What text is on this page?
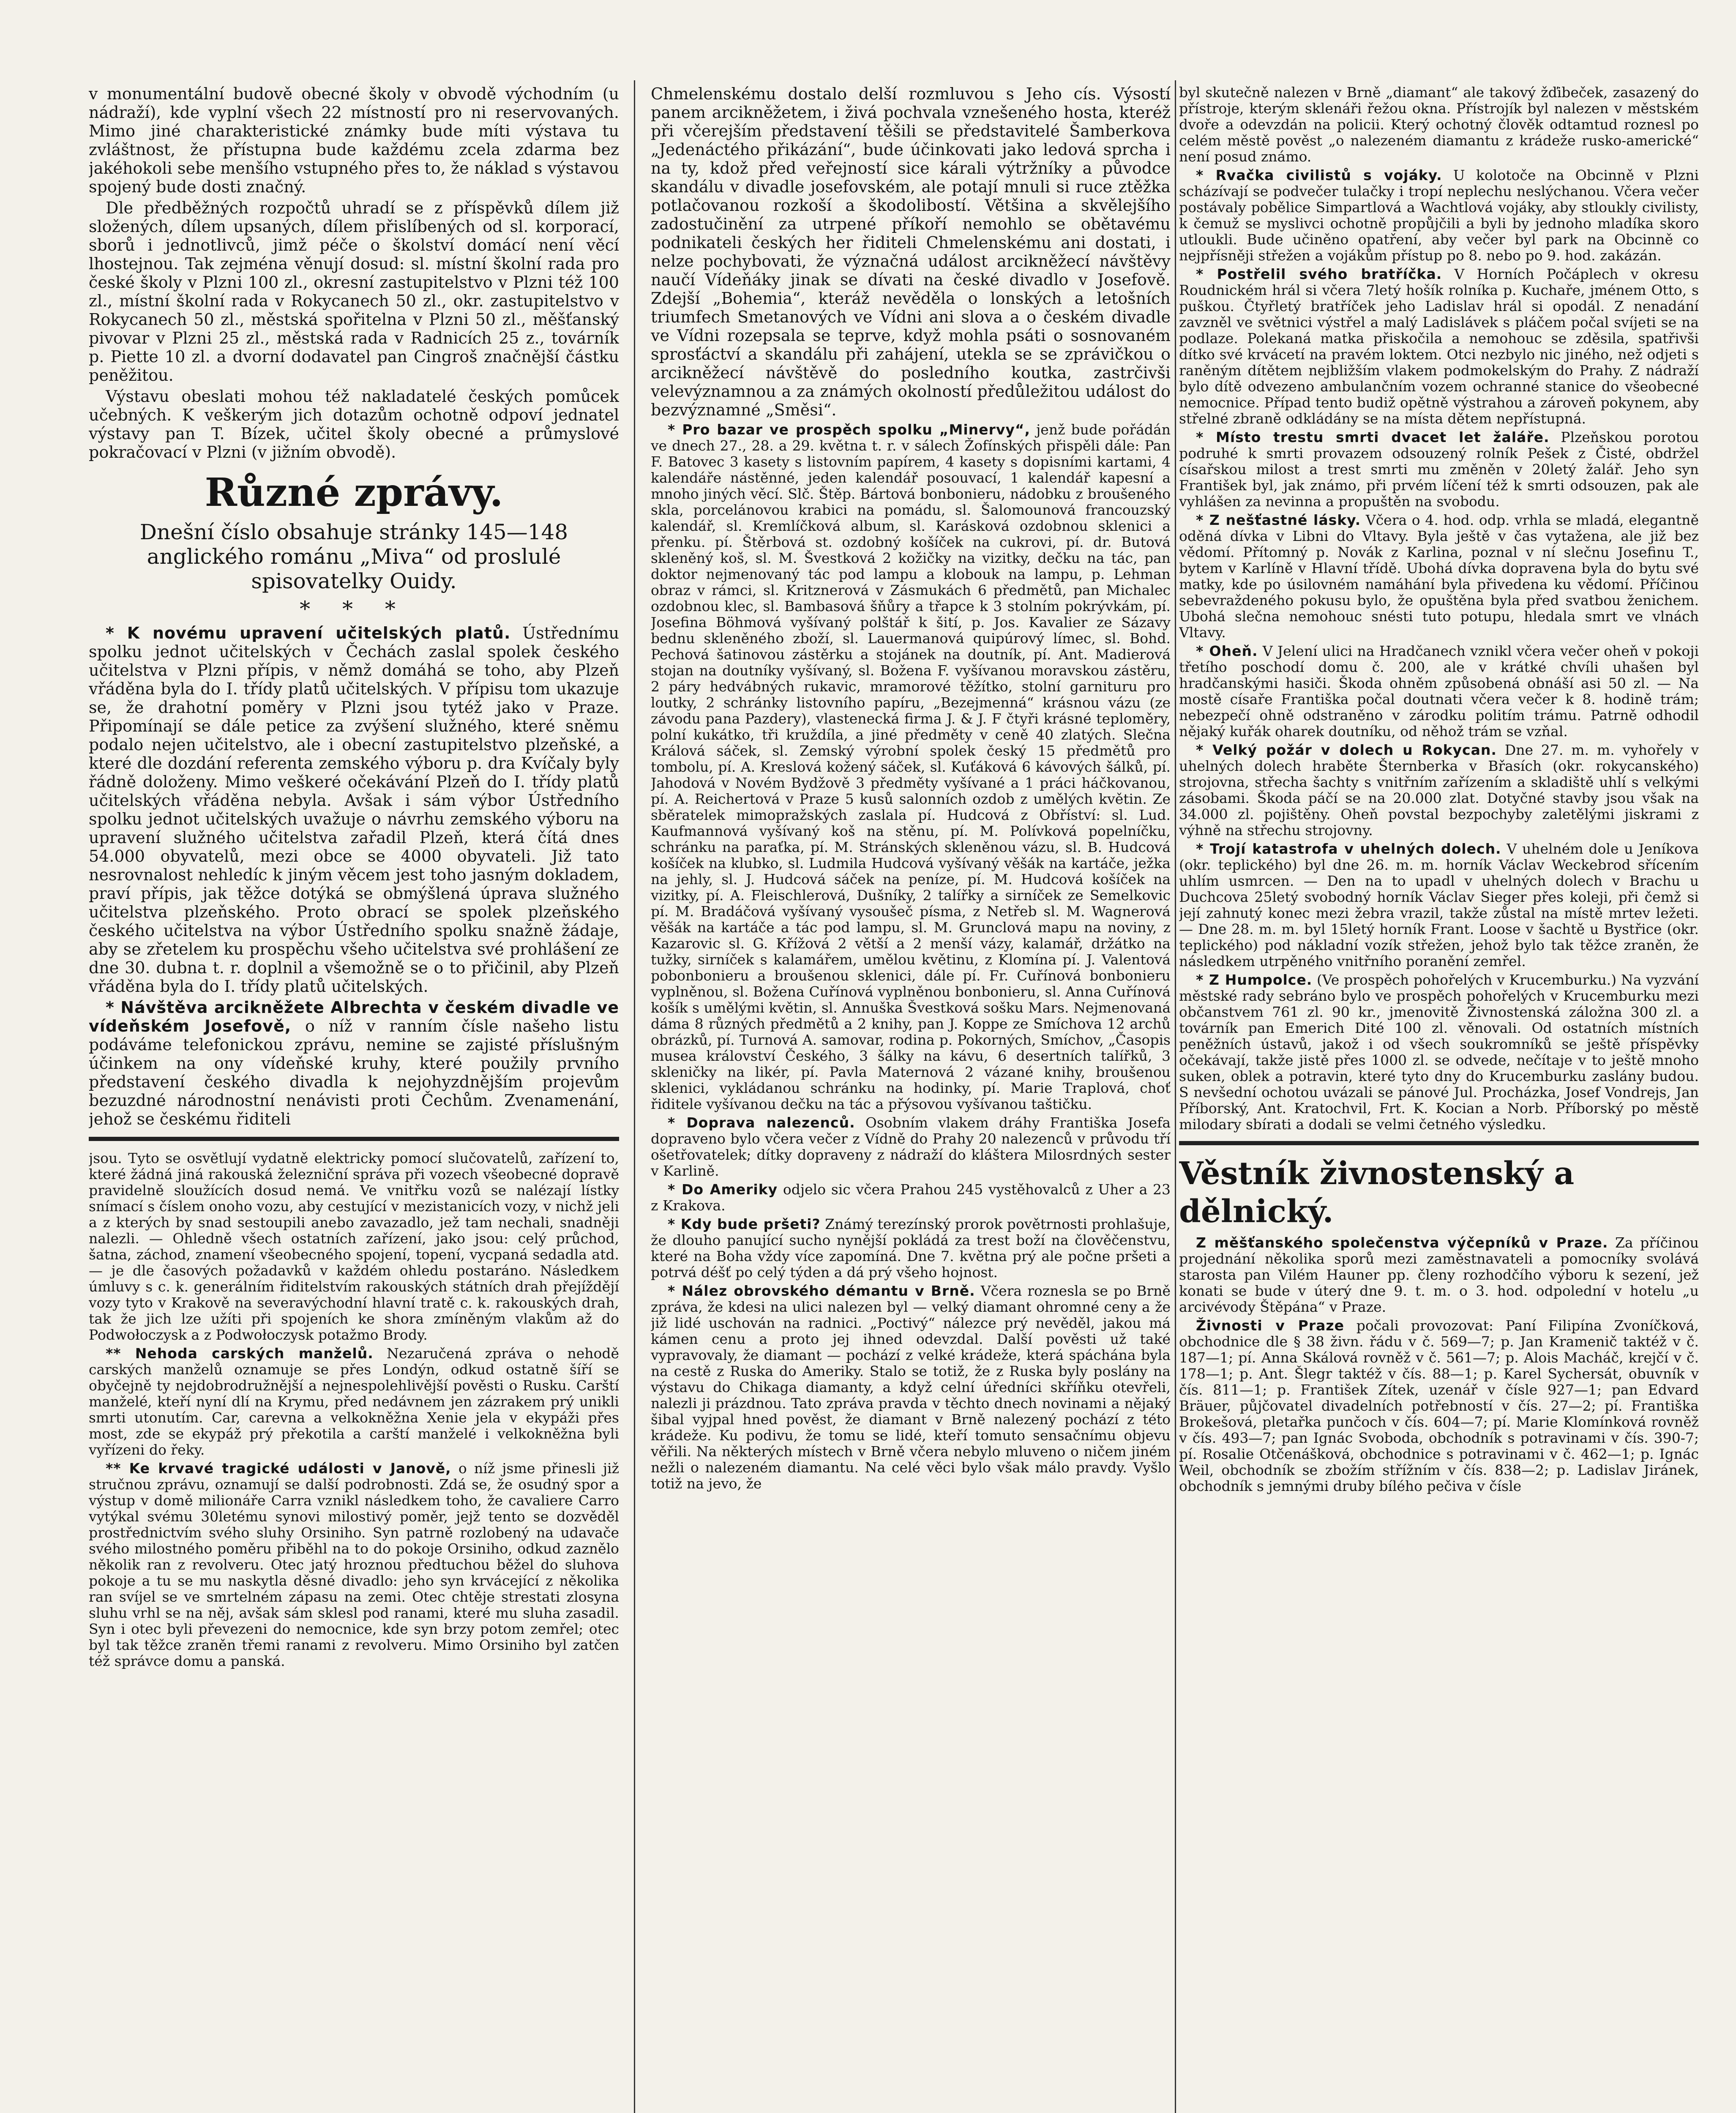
v monumentální budově obecné školy v obvodě východním (u nádraží), kde vyplní všech 22 místností pro ni reservovaných. Mimo jiné charakteristické známky bude míti výstava tu zvláštnost, že přístupna bude každému zcela zdarma bez jakéhokoli sebe menšího vstupného přes to, že náklad s výstavou spojený bude dosti značný.

Dle předběžných rozpočtů uhradí se z příspěvků dílem již složených, dílem upsaných, dílem přislíbených od sl. korporací, sborů i jednotlivců, jimž péče o školství domácí není věcí lhostejnou. Tak zejména věnují dosud: sl. místní školní rada pro české školy v Plzni 100 zl., okresní zastupitelstvo v Plzni též 100 zl., místní školní rada v Rokycanech 50 zl., okr. zastupitelstvo v Rokycanech 50 zl., městská spořitelna v Plzni 50 zl., měšťanský pivovar v Plzni 25 zl., městská rada v Radnicích 25 z., továrník p. Piette 10 zl. a dvorní dodavatel pan Cingroš značnější částku peněžitou.

Výstavu obeslati mohou též nakladatelé českých pomůcek učebných. K veškerým jich dotazům ochotně odpoví jednatel výstavy pan T. Bízek, učitel školy obecné a průmyslové pokračovací v Plzni (v jižním obvodě).

Různé zprávy.

Dnešní číslo obsahuje stránky 145—148 anglického románu „Miva“ od proslulé spisovatelky Ouidy.

* * *

* K novému upravení učitelských platů. Ústřednímu spolku jednot učitelských v Čechách zaslal spolek českého učitelstva v Plzni přípis, v němž domáhá se toho, aby Plzeň vřáděna byla do I. třídy platů učitelských. V přípisu tom ukazuje se, že drahotní poměry v Plzni jsou tytéž jako v Praze. Připomínají se dále petice za zvýšení služného, které sněmu podalo nejen učitelstvo, ale i obecní zastupitelstvo plzeňské, a které dle dozdání referenta zemského výboru p. dra Kvíčaly byly řádně doloženy. Mimo veškeré očekávání Plzeň do I. třídy platů učitelských vřáděna nebyla. Avšak i sám výbor Ústředního spolku jednot učitelských uvažuje o návrhu zemského výboru na upravení služného učitelstva zařadil Plzeň, která čítá dnes 54.000 obyvatelů, mezi obce se 4000 obyvateli. Již tato nesrovnalost nehledíc k jiným věcem jest toho jasným dokladem, praví přípis, jak těžce dotýká se obmýšlená úprava služného učitelstva plzeňského. Proto obrací se spolek plzeňského českého učitelstva na výbor Ústředního spolku snažně žádaje, aby se zřetelem ku prospěchu všeho učitelstva své prohlášení ze dne 30. dubna t. r. doplnil a všemožně se o to přičinil, aby Plzeň vřáděna byla do I. třídy platů učitelských.

* Návštěva arcikněžete Albrechta v českém divadle ve vídeňském Josefově, o níž v ranním čísle našeho listu podáváme telefonickou zprávu, nemine se zajisté příslušným účinkem na ony vídeňské kruhy, které použily prvního představení českého divadla k nejohyzdnějším projevům bezuzdné národnostní nenávisti proti Čechům. Zvenamenání, jehož se českému řiditeli

jsou. Tyto se osvětlují vydatně elektricky pomocí slučovatelů, zařízení to, které žádná jiná rakouská železniční správa při vozech všeobecné dopravě pravidelně sloužících dosud nemá. Ve vnitřku vozů se nalézají lístky snímací s číslem onoho vozu, aby cestující v mezistanicích vozy, v nichž jeli a z kterých by snad sestoupili anebo zavazadlo, jež tam nechali, snadněji nalezli. — Ohledně všech ostatních zařízení, jako jsou: celý průchod, šatna, záchod, znamení všeobecného spojení, topení, vycpaná sedadla atd. — je dle časových požadavků v každém ohledu postaráno. Následkem úmluvy s c. k. generálním řiditelstvím rakouských státních drah přejíždějí vozy tyto v Krakově na severavýchodní hlavní tratě c. k. rakouských drah, tak že jich lze užíti při spojeních ke shora zmíněným vlakům až do Podwołoczysk a z Podwołoczysk potažmo Brody.

** Nehoda carských manželů. Nezaručená zpráva o nehodě carských manželů oznamuje se přes Londýn, odkud ostatně šíří se obyčejně ty nejdobrodružnější a nejnespolehlivější pověsti o Rusku. Carští manželé, kteří nyní dlí na Krymu, před nedávnem jen zázrakem prý unikli smrti utonutím. Car, carevna a velkokněžna Xenie jela v ekypáži přes most, zde se ekypáž prý překotila a carští manželé i velkokněžna byli vyřízeni do řeky.

** Ke krvavé tragické události v Janově, o níž jsme přinesli již stručnou zprávu, oznamují se další podrobnosti. Zdá se, že osudný spor a výstup v domě milionáře Carra vznikl následkem toho, že cavaliere Carro vytýkal svému 30letému synovi milostivý poměr, jejž tento se dozvěděl prostřednictvím svého sluhy Orsiniho. Syn patrně rozlobený na udavače svého milostného poměru přiběhl na to do pokoje Orsiniho, odkud zaznělo několik ran z revolveru. Otec jatý hroznou předtuchou běžel do sluhova pokoje a tu se mu naskytla děsné divadlo: jeho syn krvácející z několika ran svíjel se ve smrtelném zápasu na zemi. Otec chtěje strestati zlosyna sluhu vrhl se na něj, avšak sám sklesl pod ranami, které mu sluha zasadil. Syn i otec byli převezeni do nemocnice, kde syn brzy potom zemřel; otec byl tak těžce zraněn třemi ranami z revolveru. Mimo Orsiniho byl zatčen též správce domu a panská.

Chmelenskému dostalo delší rozmluvou s Jeho cís. Výsostí panem arcikněžetem, i živá pochvala vznešeného hosta, kteréž při včerejším představení těšili se představitelé Šamberkova „Jedenáctého přikázání“, bude účinkovati jako ledová sprcha i na ty, kdož před veřejností sice kárali výtržníky a původce skandálu v divadle josefovském, ale potají mnuli si ruce ztěžka potlačovanou rozkoší a škodolibostí. Většina a skvělejšího zadostučinění za utrpené příkoří nemohlo se obětavému podnikateli českých her řiditeli Chmelenskému ani dostati, i nelze pochybovati, že význačná událost arcikněžecí návštěvy naučí Vídeňáky jinak se dívati na české divadlo v Josefově. Zdejší „Bohemia“, kteráž nevěděla o lonských a letošních triumfech Smetanových ve Vídni ani slova a o českém divadle ve Vídni rozepsala se teprve, když mohla psáti o sosnovaném sprosťáctví a skandálu při zahájení, utekla se se zprávičkou o arcikněžecí návštěvě do posledního koutka, zastrčivši velevýznamnou a za známých okolností předůležitou událost do bezvýznamné „Směsi“.

* Pro bazar ve prospěch spolku „Minervy“, jenž bude pořádán ve dnech 27., 28. a 29. května t. r. v sálech Žofínských přispěli dále: Pan F. Batovec 3 kasety s listovním papírem, 4 kasety s dopisními kartami, 4 kalendáře nástěnné, jeden kalendář posouvací, 1 kalendář kapesní a mnoho jiných věcí. Slč. Štěp. Bártová bonbonieru, nádobku z broušeného skla, porcelánovou krabici na pomádu, sl. Šalomounová francouzský kalendář, sl. Kremlíčková album, sl. Karásková ozdobnou sklenici a přenku. pí. Štěrbová st. ozdobný košíček na cukrovi, pí. dr. Butová skleněný koš, sl. M. Švestková 2 kožičky na vizitky, dečku na tác, pan doktor nejmenovaný tác pod lampu a klobouk na lampu, p. Lehman obraz v rámci, sl. Kritznerová v Zásmukách 6 předmětů, pan Michalec ozdobnou klec, sl. Bambasová šňůry a třapce k 3 stolním pokrývkám, pí. Josefina Böhmová vyšívaný polštář k šití, p. Jos. Kavalier ze Sázavy bednu skleněného zboží, sl. Lauermanová quipúrový límec, sl. Bohd. Pechová šatinovou zástěrku a stojánek na doutník, pí. Ant. Madierová stojan na doutníky vyšívaný, sl. Božena F. vyšívanou moravskou zástěru, 2 páry hedvábných rukavic, mramorové těžítko, stolní garnituru pro loutky, 2 schránky listovního papíru, „Bezejmenná“ krásnou vázu (ze závodu pana Pazdery), vlastenecká firma J. & J. F čtyři krásné teploměry, polní kukátko, tři kruždíla, a jiné předměty v ceně 40 zlatých. Slečna Králová sáček, sl. Zemský výrobní spolek český 15 předmětů pro tombolu, pí. A. Kreslová kožený sáček, sl. Kuťáková 6 kávových šálků, pí. Jahodová v Novém Bydžově 3 předměty vyšívané a 1 práci háčkovanou, pí. A. Reichertová v Praze 5 kusů salonních ozdob z umělých květin. Ze sběratelek mimopražských zaslala pí. Hudcová z Obříství: sl. Lud. Kaufmannová vyšívaný koš na stěnu, pí. M. Polívková popelníčku, schránku na paraťka, pí. M. Stránských skleněnou vázu, sl. B. Hudcová košíček na klubko, sl. Ludmila Hudcová vyšívaný věšák na kartáče, ježka na jehly, sl. J. Hudcová sáček na peníze, pí. M. Hudcová košíček na vizitky, pí. A. Fleischlerová, Dušníky, 2 talířky a sirníček ze Semelkovic pí. M. Bradáčová vyšívaný vysoušeč písma, z Netřeb sl. M. Wagnerová věšák na kartáče a tác pod lampu, sl. M. Grunclová mapu na noviny, z Kazarovic sl. G. Křížová 2 větší a 2 menší vázy, kalamář, držátko na tužky, sirníček s kalamářem, umělou květinu, z Klomína pí. J. Valentová pobonbonieru a broušenou sklenici, dále pí. Fr. Cuřínová bonbonieru vyplněnou, sl. Božena Cuřínová vyplněnou bonbonieru, sl. Anna Cuřínová košík s umělými květin, sl. Annuška Švestková sošku Mars. Nejmenovaná dáma 8 různých předmětů a 2 knihy, pan J. Koppe ze Smíchova 12 archů obrázků, pí. Turnová A. samovar, rodina p. Pokorných, Smíchov, „Časopis musea království Českého, 3 šálky na kávu, 6 desertních talířků, 3 skleničky na likér, pí. Pavla Maternová 2 vázané knihy, broušenou sklenici, vykládanou schránku na hodinky, pí. Marie Traplová, choť řiditele vyšívanou dečku na tác a přýsovou vyšívanou taštičku.

* Doprava nalezenců. Osobním vlakem dráhy Františka Josefa dopraveno bylo včera večer z Vídně do Prahy 20 nalezenců v průvodu tří ošetřovatelek; dítky dopraveny z nádraží do kláštera Milosrdných sester v Karlině.

* Do Ameriky odjelo sic včera Prahou 245 vystěhovalců z Uher a 23 z Krakova.

* Kdy bude pršeti? Známý terezínský prorok povětrnosti prohlašuje, že dlouho panující sucho nynější pokládá za trest boží na člověčenstvu, které na Boha vždy více zapomíná. Dne 7. května prý ale počne pršeti a potrvá déšť po celý týden a dá prý všeho hojnost.

* Nález obrovského démantu v Brně. Včera roznesla se po Brně zpráva, že kdesi na ulici nalezen byl — velký diamant ohromné ceny a že již lidé uschován na radnici. „Poctivý“ nálezce prý nevěděl, jakou má kámen cenu a proto jej ihned odevzdal. Další pověsti už také vypravovaly, že diamant — pochází z velké krádeže, která spáchána byla na cestě z Ruska do Ameriky. Stalo se totiž, že z Ruska byly poslány na výstavu do Chikaga diamanty, a když celní úředníci skříňku otevřeli, nalezli ji prázdnou. Tato zpráva pravda v těchto dnech novinami a nějaký šibal vyjpal hned pověst, že diamant v Brně nalezený pochází z této krádeže. Ku podivu, že tomu se lidé, kteří tomuto sensačnímu objevu věřili. Na některých místech v Brně včera nebylo mluveno o ničem jiném nežli o nalezeném diamantu. Na celé věci bylo však málo pravdy. Vyšlo totiž na jevo, že

byl skutečně nalezen v Brně „diamant“ ale takový žďibeček, zasazený do přístroje, kterým sklenáři řežou okna. Přístrojík byl nalezen v městském dvoře a odevzdán na policii. Který ochotný člověk odtamtud roznesl po celém městě pověst „o nalezeném diamantu z krádeže rusko-americké“ není posud známo.

* Rvačka civilistů s vojáky. U kolotoče na Obcinně v Plzni scházívají se podvečer tulačky i tropí neplechu neslýchanou. Včera večer postávaly pobělice Simpartlová a Wachtlová vojáky, aby stloukly civilisty, k čemuž se myslivci ochotně propůjčili a byli by jednoho mladíka skoro utloukli. Bude učiněno opatření, aby večer byl park na Obcinně co nejpřísněji střežen a vojákům přístup po 8. nebo po 9. hod. zakázán.

* Postřelil svého bratříčka. V Horních Počáplech v okresu Roudnickém hrál si včera 7letý hošík rolníka p. Kuchaře, jménem Otto, s puškou. Čtyřletý bratříček jeho Ladislav hrál si opodál. Z nenadání zavzněl ve světnici výstřel a malý Ladislávek s pláčem počal svíjeti se na podlaze. Polekaná matka přiskočila a nemohouc se zděsila, spatřivši dítko své krvácetí na pravém loktem. Otci nezbylo nic jiného, než odjeti s raněným dítětem nejbližším vlakem podmokelským do Prahy. Z nádraží bylo dítě odvezeno ambulančním vozem ochranné stanice do všeobecné nemocnice. Případ tento budiž opětně výstrahou a zároveň pokynem, aby střelné zbraně odkládány se na místa dětem nepřístupná.

* Místo trestu smrti dvacet let žaláře. Plzeňskou porotou podruhé k smrti provazem odsouzený rolník Pešek z Čisté, obdržel císařskou milost a trest smrti mu změněn v 20letý žalář. Jeho syn František byl, jak známo, při prvém líčení též k smrti odsouzen, pak ale vyhlášen za nevinna a propuštěn na svobodu.

* Z nešťastné lásky. Včera o 4. hod. odp. vrhla se mladá, elegantně oděná dívka v Libni do Vltavy. Byla ještě v čas vytažena, ale již bez vědomí. Přítomný p. Novák z Karlina, poznal v ní slečnu Josefinu T., bytem v Karlíně v Hlavní třídě. Ubohá dívka dopravena byla do bytu své matky, kde po úsilovném namáhání byla přivedena ku vědomí. Příčinou sebevraždeného pokusu bylo, že opuštěna byla před svatbou ženichem. Ubohá slečna nemohouc snésti tuto potupu, hledala smrt ve vlnách Vltavy.

* Oheň. V Jelení ulici na Hradčanech vznikl včera večer oheň v pokoji třetího poschodí domu č. 200, ale v krátké chvíli uhašen byl hradčanskými hasiči. Škoda ohněm způsobená obnáší asi 50 zl. — Na mostě císaře Františka počal doutnati včera večer k 8. hodině trám; nebezpečí ohně odstraněno v zárodku politím trámu. Patrně odhodil nějaký kuřák oharek doutníku, od něhož trám se vzňal.

* Velký požár v dolech u Rokycan. Dne 27. m. m. vyhořely v uhelných dolech hraběte Šternberka v Břasích (okr. rokycanského) strojovna, střecha šachty s vnitřním zařízením a skladiště uhlí s velkými zásobami. Škoda páčí se na 20.000 zlat. Dotyčné stavby jsou však na 34.000 zl. pojištěny. Oheň povstal bezpochyby zaletělými jiskrami z výhně na střechu strojovny.

* Trojí katastrofa v uhelných dolech. V uhelném dole u Jeníkova (okr. teplického) byl dne 26. m. m. horník Václav Weckebrod sřícením uhlím usmrcen. — Den na to upadl v uhelných dolech v Brachu u Duchcova 25letý svobodný horník Václav Sieger přes koleji, při čemž si její zahnutý konec mezi žebra vrazil, takže zůstal na místě mrtev ležeti. — Dne 28. m. m. byl 15letý horník Frant. Loose v šachtě u Bystřice (okr. teplického) pod nákladní vozík střežen, jehož bylo tak těžce zraněn, že následkem utrpěného vnitřního poranění zemřel.

* Z Humpolce. (Ve prospěch pohořelých v Krucemburku.) Na vyzvání městské rady sebráno bylo ve prospěch pohořelých v Krucemburku mezi občanstvem 761 zl. 90 kr., jmenovitě Živnostenská záložna 300 zl. a továrník pan Emerich Dité 100 zl. věnovali. Od ostatních místních peněžních ústavů, jakož i od všech soukromníků se ještě příspěvky očekávají, takže jistě přes 1000 zl. se odvede, nečítaje v to ještě mnoho suken, oblek a potravin, které tyto dny do Krucemburku zaslány budou. S nevšední ochotou uvázali se pánové Jul. Procházka, Josef Vondrejs, Jan Příborský, Ant. Kratochvil, Frt. K. Kocian a Norb. Příborský po městě milodary sbírati a dodali se velmi četného výsledku.

Věstník živnostenský a dělnický.

Z měšťanského společenstva výčepníků v Praze. Za příčinou projednání několika sporů mezi zaměstnavateli a pomocníky svolává starosta pan Vilém Hauner pp. členy rozhodčího výboru k sezení, jež konati se bude v úterý dne 9. t. m. o 3. hod. odpolední v hotelu „u arcivévody Štěpána“ v Praze.

Živnosti v Praze počali provozovat: Paní Filipína Zvoníčková, obchodnice dle § 38 živn. řádu v č. 569—7; p. Jan Kramenič taktéž v č. 187—1; pí. Anna Skálová rovněž v č. 561—7; p. Alois Macháč, krejčí v č. 178—1; p. Ant. Šlegr taktéž v čís. 88—1; p. Karel Sychersát, obuvník v čís. 811—1; p. František Zítek, uzenář v čísle 927—1; pan Edvard Bräuer, půjčovatel divadelních potřebností v čís. 27—2; pí. Františka Brokešová, pletařka punčoch v čís. 604—7; pí. Marie Klomínková rovněž v čís. 493—7; pan Ignác Svoboda, obchodník s potravinami v čís. 390-7; pí. Rosalie Otčenášková, obchodnice s potravinami v č. 462—1; p. Ignác Weil, obchodník se zbožím střížním v čís. 838—2; p. Ladislav Jiránek, obchodník s jemnými druby bílého pečiva v čísle
